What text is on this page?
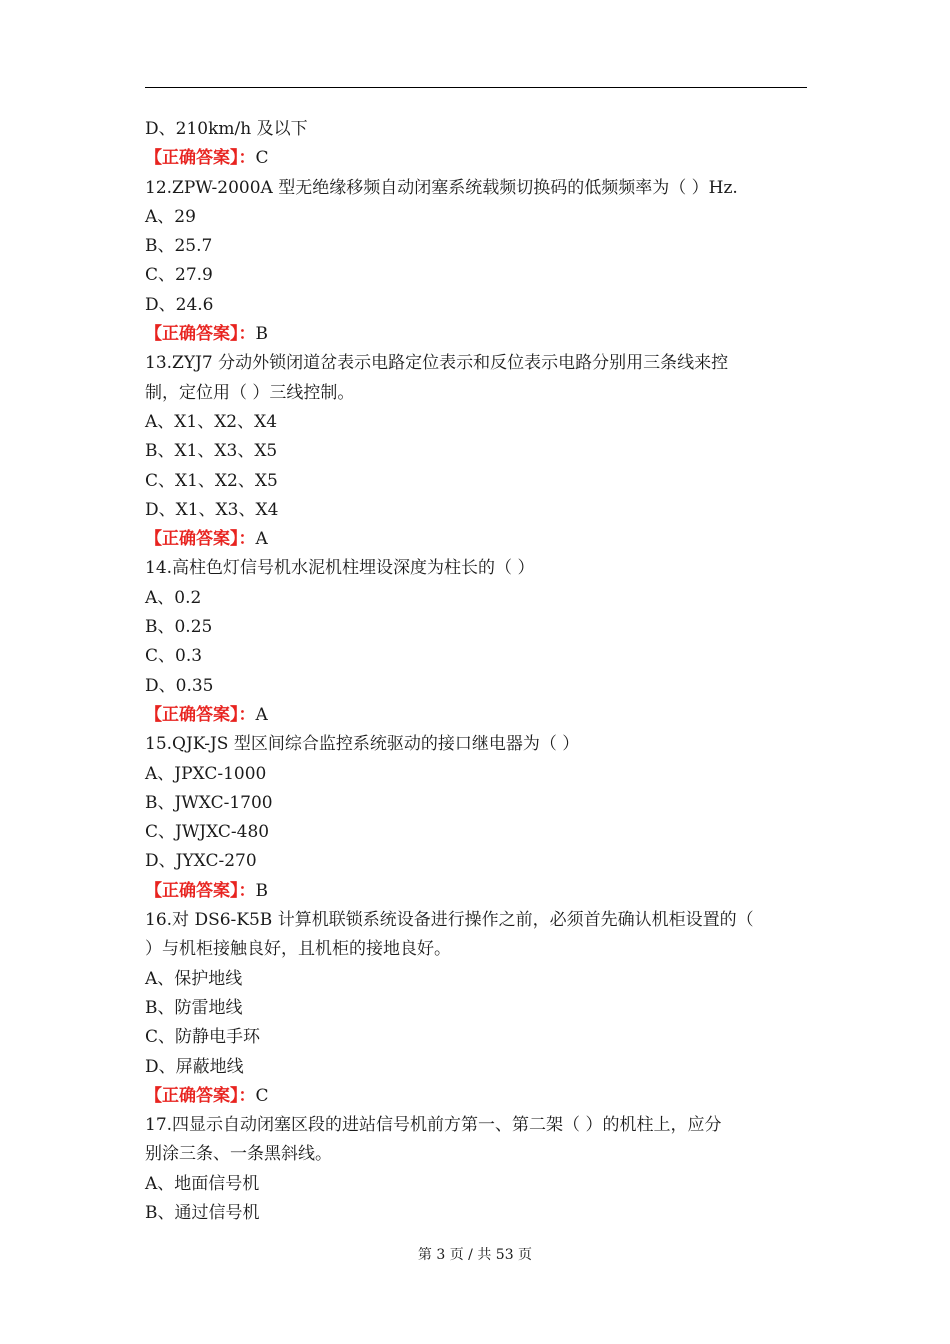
D、210km/h 及以下
【正确答案】：C
12.ZPW-2000A 型无绝缘移频自动闭塞系统载频切换码的低频频率为（ ）Hz.
A、29
B、25.7
C、27.9
D、24.6
【正确答案】：B
13.ZYJ7 分动外锁闭道岔表示电路定位表示和反位表示电路分别用三条线来控
制，定位用（ ）三线控制。
A、X1、X2、X4
B、X1、X3、X5
C、X1、X2、X5
D、X1、X3、X4
【正确答案】：A
14.高柱色灯信号机水泥机柱埋设深度为柱长的（ ）
A、0.2
B、0.25
C、0.3
D、0.35
【正确答案】：A
15.QJK-JS 型区间综合监控系统驱动的接口继电器为（ ）
A、JPXC-1000
B、JWXC-1700
C、JWJXC-480
D、JYXC-270
【正确答案】：B
16.对 DS6-K5B 计算机联锁系统设备进行操作之前，必须首先确认机柜设置的（
）与机柜接触良好，且机柜的接地良好。
A、保护地线
B、防雷地线
C、防静电手环
D、屏蔽地线
【正确答案】：C
17.四显示自动闭塞区段的进站信号机前方第一、第二架（ ）的机柱上，应分
别涂三条、一条黑斜线。
A、地面信号机
B、通过信号机
第 3 页 / 共 53 页
